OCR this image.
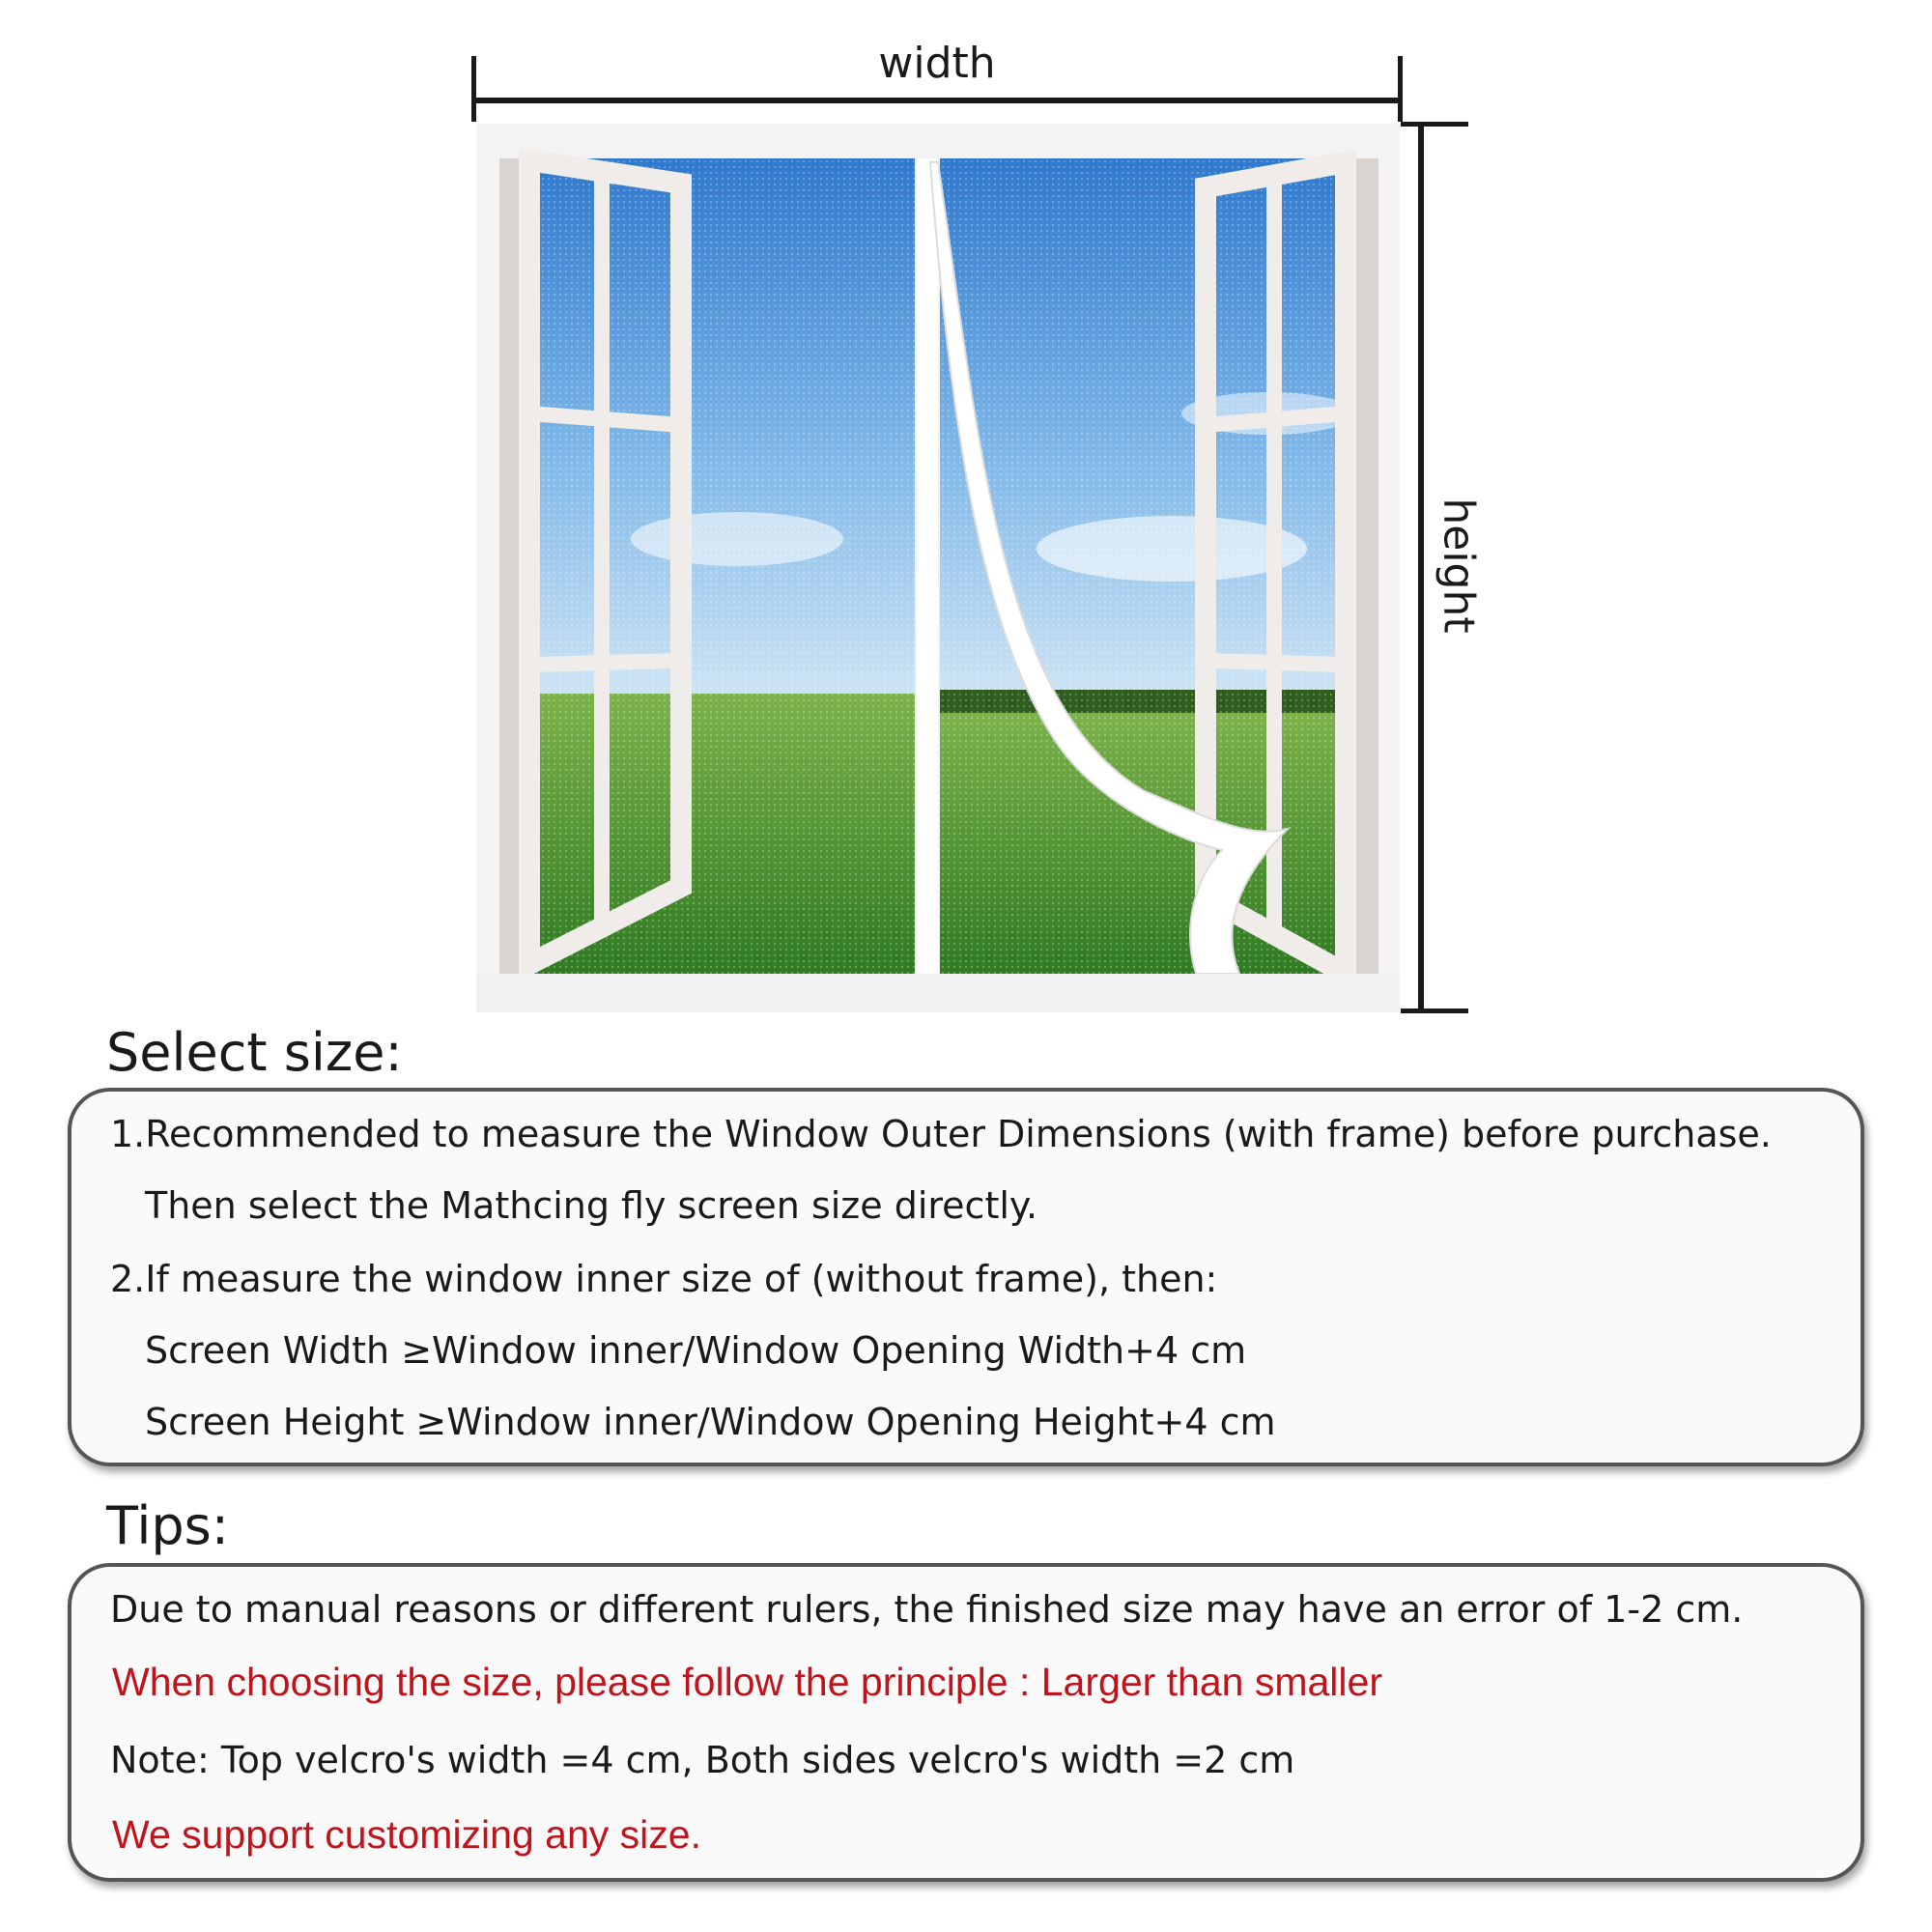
width
height
Select size:
1.Recommended to measure the Window Outer Dimensions (with frame) before purchase.
Then select the Mathcing fly screen size directly.
2.If measure the window inner size of (without frame), then:
Screen Width ≥Window inner/Window Opening Width+4 cm
Screen Height ≥Window inner/Window Opening Height+4 cm
Tips:
Due to manual reasons or different rulers, the finished size may have an error of 1-2 cm.
When choosing the size, please follow the principle : Larger than smaller
Note: Top velcro's width =4 cm, Both sides velcro's width =2 cm
We support customizing any size.
